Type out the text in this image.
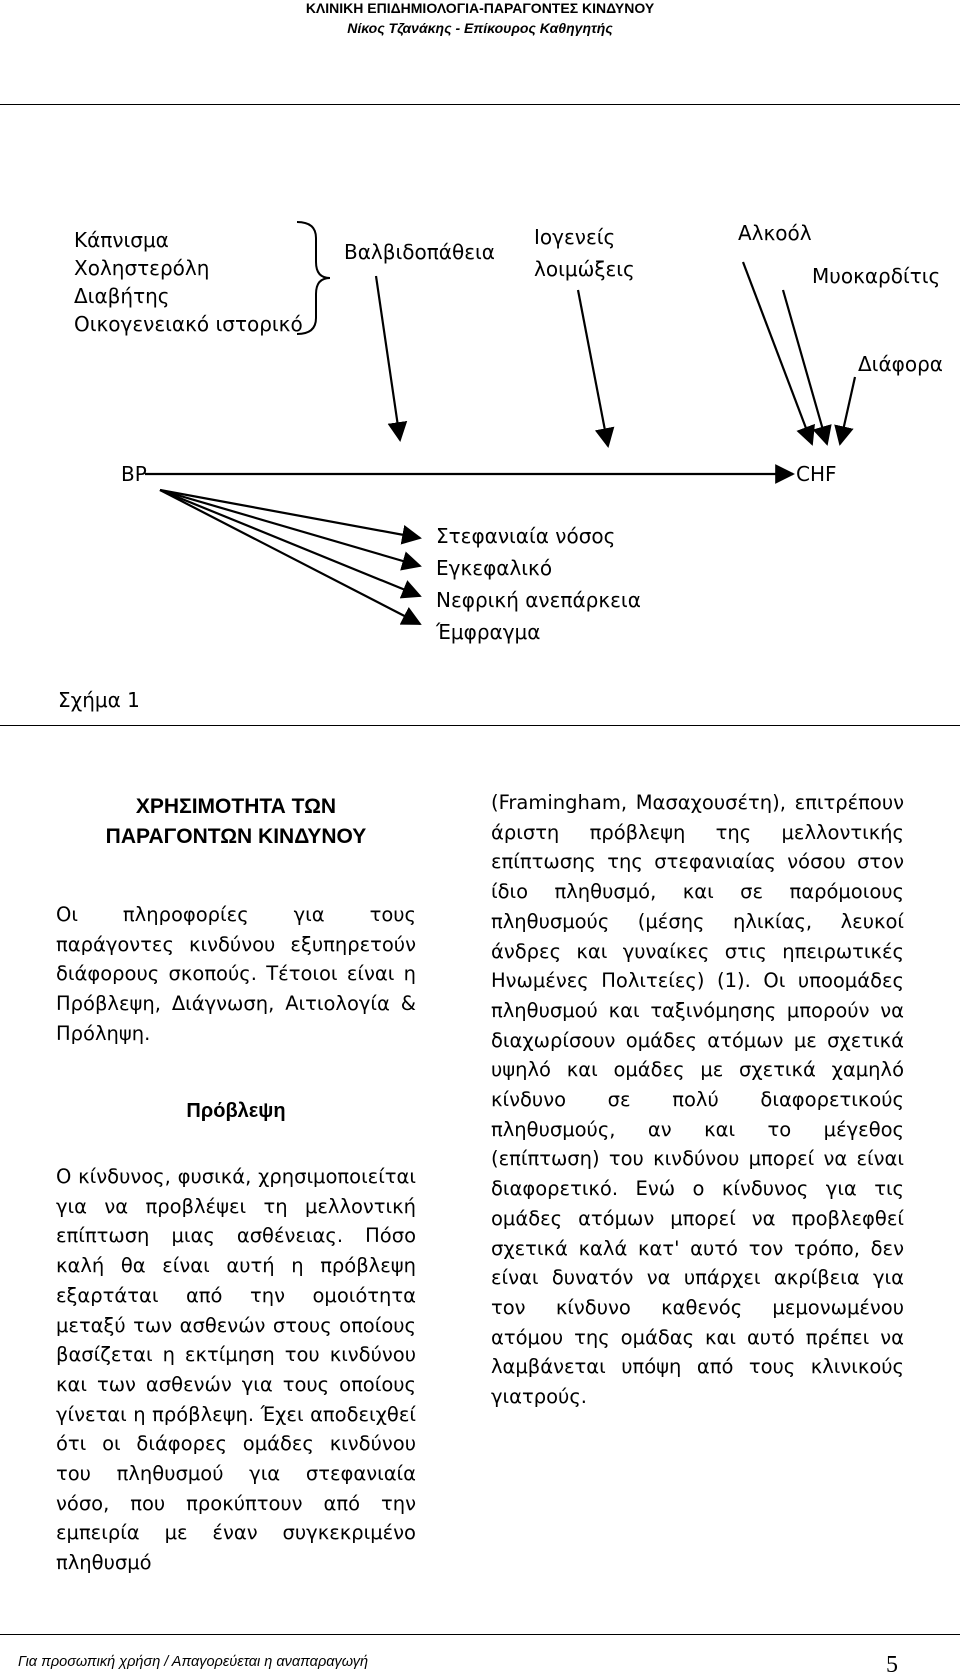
ΚΛΙΝΙΚΗ ΕΠΙΔΗΜΙΟΛΟΓΙΑ-ΠΑΡΑΓΟΝΤΕΣ ΚΙΝΔΥΝΟΥ
Νίκος Τζανάκης - Επίκουρος Καθηγητής
Κάπνισμα
Χοληστερόλη
Διαβήτης
Οικογενειακό ιστορικό
Βαλβιδοπάθεια
Ιογενείς
λοιμώξεις
Αλκοόλ
Μυοκαρδίτις
Διάφορα
BP	CHF
Στεφανιαία νόσος
Εγκεφαλικό
Νεφρική ανεπάρκεια
Έμφραγμα
Σχήμα 1
ΧΡΗΣΙΜΟΤΗΤΑ ΤΩΝ
ΠΑΡΑΓΟΝΤΩΝ ΚΙΝΔΥΝΟΥ
Οι πληροφορίες για τους παράγοντες κινδύνου εξυπηρετούν διάφορους σκοπούς. Τέτοιοι είναι η Πρόβλεψη, Διάγνωση, Αιτιολογία & Πρόληψη.
Πρόβλεψη
Ο κίνδυνος, φυσικά, χρησιμοποιείται για να προβλέψει τη μελλοντική επίπτωση μιας ασθένειας. Πόσο καλή θα είναι αυτή η πρόβλεψη εξαρτάται από την ομοιότητα μεταξύ των ασθενών στους οποίους βασίζεται η εκτίμηση του κινδύνου και των ασθενών για τους οποίους γίνεται η πρόβλεψη. Έχει αποδειχθεί ότι οι διάφορες ομάδες κινδύνου του πληθυσμού για στεφανιαία νόσο, που προκύπτουν από την εμπειρία με έναν συγκεκριμένο πληθυσμό
(Framingham, Μασαχουσέτη), επιτρέπουν άριστη πρόβλεψη της μελλοντικής επίπτωσης της στεφανιαίας νόσου στον ίδιο πληθυσμό, και σε παρόμοιους πληθυσμούς (μέσης ηλικίας, λευκοί άνδρες και γυναίκες στις ηπειρωτικές Ηνωμένες Πολιτείες) (1). Οι υποομάδες πληθυσμού και ταξινόμησης μπορούν να διαχωρίσουν ομάδες ατόμων με σχετικά υψηλό και ομάδες με σχετικά χαμηλό κίνδυνο σε πολύ διαφορετικούς πληθυσμούς, αν και το μέγεθος (επίπτωση) του κινδύνου μπορεί να είναι διαφορετικό. Ενώ ο κίνδυνος για τις ομάδες ατόμων μπορεί να προβλεφθεί σχετικά καλά κατ' αυτό τον τρόπο, δεν είναι δυνατόν να υπάρχει ακρίβεια για τον κίνδυνο καθενός μεμονωμένου ατόμου της ομάδας και αυτό πρέπει να λαμβάνεται υπόψη από τους κλινικούς γιατρούς.
Για προσωπική χρήση / Απαγορεύεται η αναπαραγωγή	5
